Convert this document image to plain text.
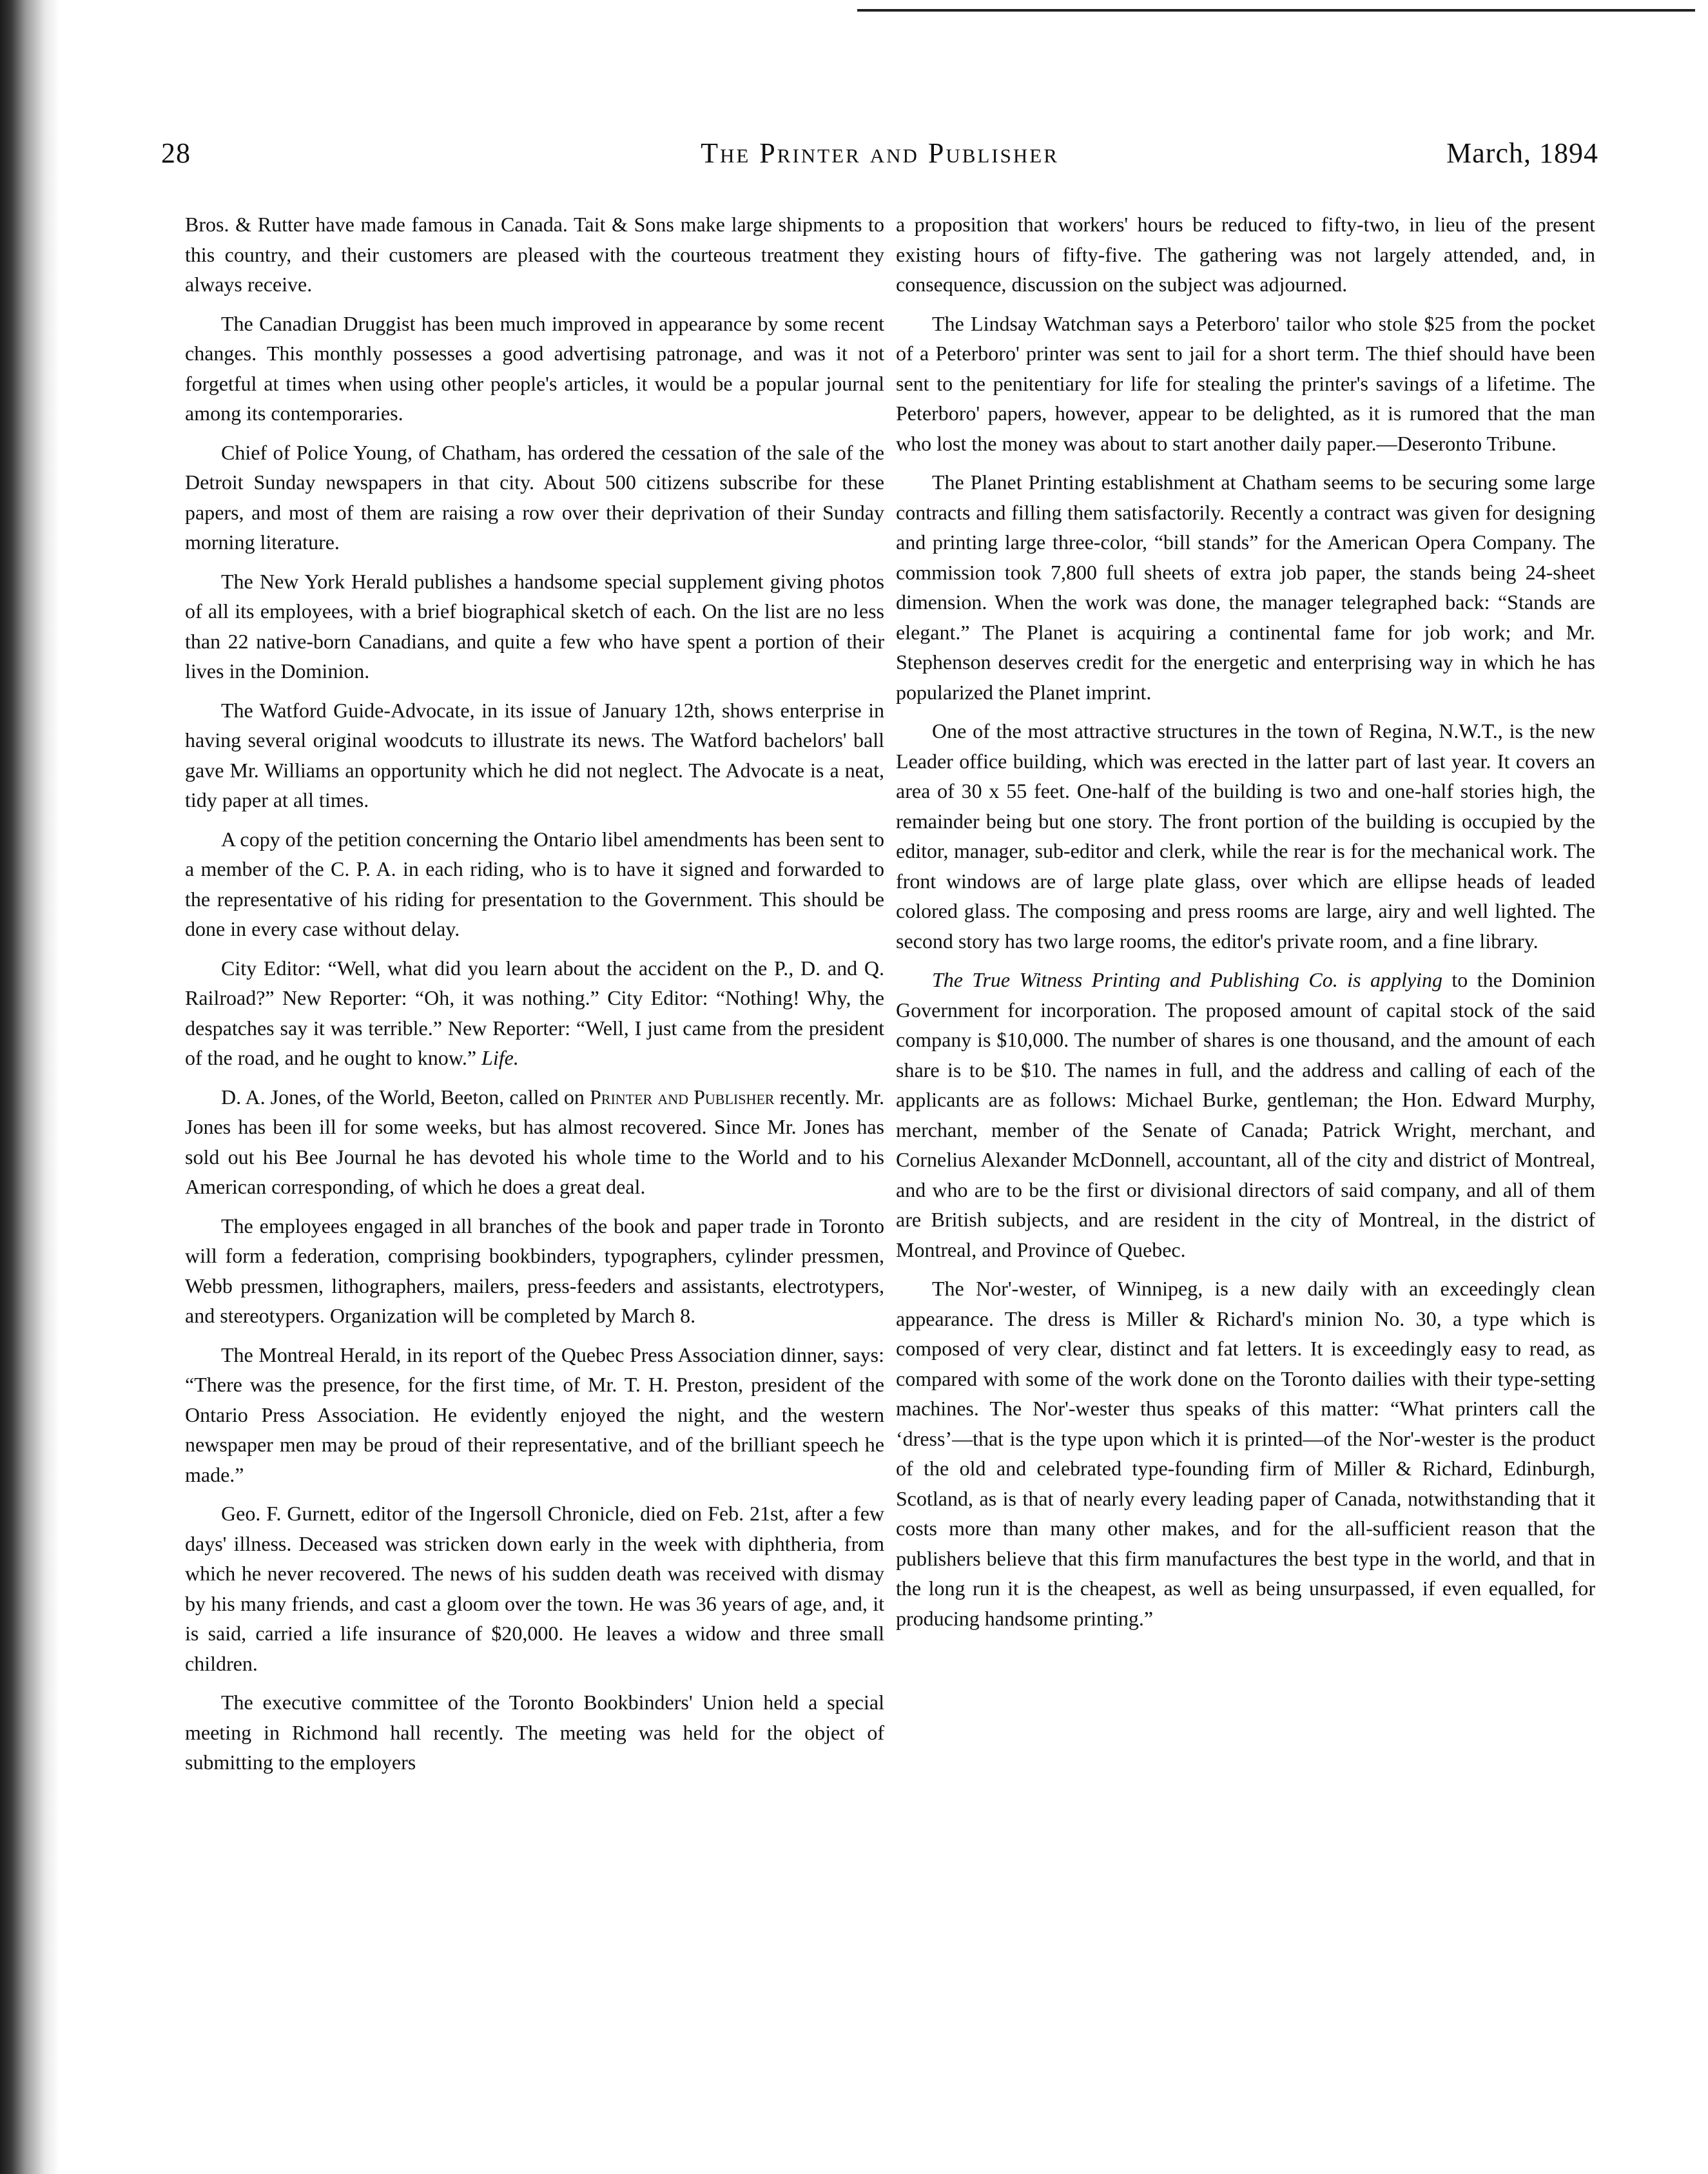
28	The Printer and Publisher	March, 1894

Bros. & Rutter have made famous in Canada. Tait & Sons make large shipments to this country, and their customers are pleased with the courteous treatment they always receive.

The Canadian Druggist has been much improved in appearance by some recent changes. This monthly possesses a good advertising patronage, and was it not forgetful at times when using other people's articles, it would be a popular journal among its contemporaries.

Chief of Police Young, of Chatham, has ordered the cessation of the sale of the Detroit Sunday newspapers in that city. About 500 citizens subscribe for these papers, and most of them are raising a row over their deprivation of their Sunday morning literature.

The New York Herald publishes a handsome special supplement giving photos of all its employees, with a brief biographical sketch of each. On the list are no less than 22 native-born Canadians, and quite a few who have spent a portion of their lives in the Dominion.

The Watford Guide-Advocate, in its issue of January 12th, shows enterprise in having several original woodcuts to illustrate its news. The Watford bachelors' ball gave Mr. Williams an opportunity which he did not neglect. The Advocate is a neat, tidy paper at all times.

A copy of the petition concerning the Ontario libel amendments has been sent to a member of the C. P. A. in each riding, who is to have it signed and forwarded to the representative of his riding for presentation to the Government. This should be done in every case without delay.

City Editor: “Well, what did you learn about the accident on the P., D. and Q. Railroad?” New Reporter: “Oh, it was nothing.” City Editor: “Nothing! Why, the despatches say it was terrible.” New Reporter: “Well, I just came from the president of the road, and he ought to know.” Life.

D. A. Jones, of the World, Beeton, called on Printer and Publisher recently. Mr. Jones has been ill for some weeks, but has almost recovered. Since Mr. Jones has sold out his Bee Journal he has devoted his whole time to the World and to his American corresponding, of which he does a great deal.

The employees engaged in all branches of the book and paper trade in Toronto will form a federation, comprising bookbinders, typographers, cylinder pressmen, Webb pressmen, lithographers, mailers, press-feeders and assistants, electrotypers, and stereotypers. Organization will be completed by March 8.

The Montreal Herald, in its report of the Quebec Press Association dinner, says: “There was the presence, for the first time, of Mr. T. H. Preston, president of the Ontario Press Association. He evidently enjoyed the night, and the western newspaper men may be proud of their representative, and of the brilliant speech he made.”

Geo. F. Gurnett, editor of the Ingersoll Chronicle, died on Feb. 21st, after a few days' illness. Deceased was stricken down early in the week with diphtheria, from which he never recovered. The news of his sudden death was received with dismay by his many friends, and cast a gloom over the town. He was 36 years of age, and, it is said, carried a life insurance of $20,000. He leaves a widow and three small children.

The executive committee of the Toronto Bookbinders' Union held a special meeting in Richmond hall recently. The meeting was held for the object of submitting to the employers

a proposition that workers' hours be reduced to fifty-two, in lieu of the present existing hours of fifty-five. The gathering was not largely attended, and, in consequence, discussion on the subject was adjourned.

The Lindsay Watchman says a Peterboro' tailor who stole $25 from the pocket of a Peterboro' printer was sent to jail for a short term. The thief should have been sent to the penitentiary for life for stealing the printer's savings of a lifetime. The Peterboro' papers, however, appear to be delighted, as it is rumored that the man who lost the money was about to start another daily paper.—Deseronto Tribune.

The Planet Printing establishment at Chatham seems to be securing some large contracts and filling them satisfactorily. Recently a contract was given for designing and printing large three-color, “bill stands” for the American Opera Company. The commission took 7,800 full sheets of extra job paper, the stands being 24-sheet dimension. When the work was done, the manager telegraphed back: “Stands are elegant.” The Planet is acquiring a continental fame for job work; and Mr. Stephenson deserves credit for the energetic and enterprising way in which he has popularized the Planet imprint.

One of the most attractive structures in the town of Regina, N.W.T., is the new Leader office building, which was erected in the latter part of last year. It covers an area of 30 x 55 feet. One-half of the building is two and one-half stories high, the remainder being but one story. The front portion of the building is occupied by the editor, manager, sub-editor and clerk, while the rear is for the mechanical work. The front windows are of large plate glass, over which are ellipse heads of leaded colored glass. The composing and press rooms are large, airy and well lighted. The second story has two large rooms, the editor's private room, and a fine library.

The True Witness Printing and Publishing Co. is applying to the Dominion Government for incorporation. The proposed amount of capital stock of the said company is $10,000. The number of shares is one thousand, and the amount of each share is to be $10. The names in full, and the address and calling of each of the applicants are as follows: Michael Burke, gentleman; the Hon. Edward Murphy, merchant, member of the Senate of Canada; Patrick Wright, merchant, and Cornelius Alexander McDonnell, accountant, all of the city and district of Montreal, and who are to be the first or divisional directors of said company, and all of them are British subjects, and are resident in the city of Montreal, in the district of Montreal, and Province of Quebec.

The Nor'-wester, of Winnipeg, is a new daily with an exceedingly clean appearance. The dress is Miller & Richard's minion No. 30, a type which is composed of very clear, distinct and fat letters. It is exceedingly easy to read, as compared with some of the work done on the Toronto dailies with their type-setting machines. The Nor'-wester thus speaks of this matter: “What printers call the ‘dress’—that is the type upon which it is printed—of the Nor'-wester is the product of the old and celebrated type-founding firm of Miller & Richard, Edinburgh, Scotland, as is that of nearly every leading paper of Canada, notwithstanding that it costs more than many other makes, and for the all-sufficient reason that the publishers believe that this firm manufactures the best type in the world, and that in the long run it is the cheapest, as well as being unsurpassed, if even equalled, for producing handsome printing.”
